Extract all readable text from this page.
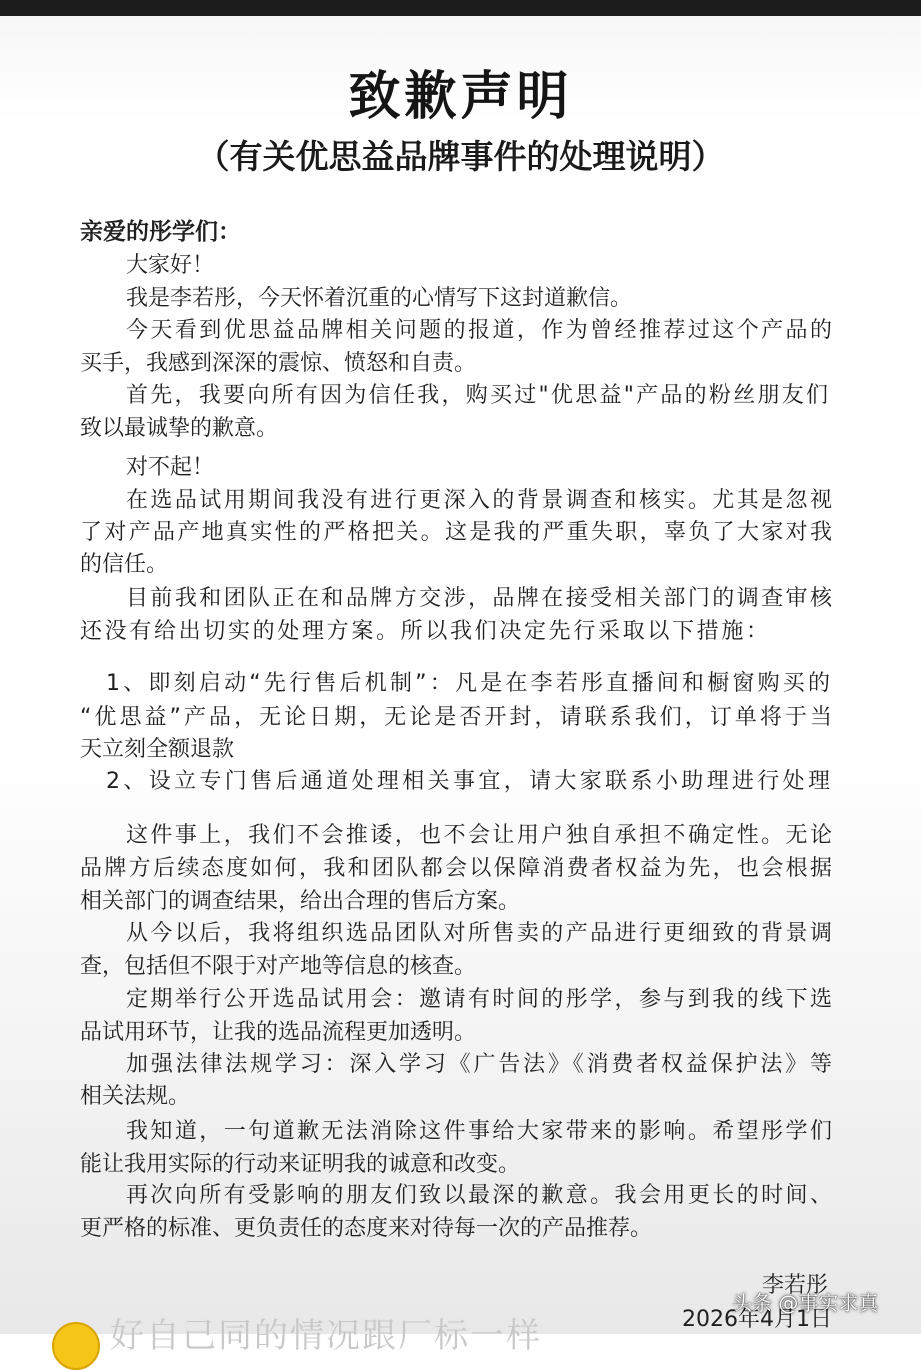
致歉声明
（有关优思益品牌事件的处理说明）
亲爱的彤学们：
大家好！
我是李若彤，今天怀着沉重的心情写下这封道歉信。
今天看到优思益品牌相关问题的报道，作为曾经推荐过这个产品的
买手，我感到深深的震惊、愤怒和自责。
首先，我要向所有因为信任我，购买过"优思益"产品的粉丝朋友们
致以最诚挚的歉意。
对不起！
在选品试用期间我没有进行更深入的背景调查和核实。尤其是忽视
了对产品产地真实性的严格把关。这是我的严重失职，辜负了大家对我
的信任。
目前我和团队正在和品牌方交涉，品牌在接受相关部门的调查审核
还没有给出切实的处理方案。所以我们决定先行采取以下措施：
1、即刻启动“先行售后机制”：凡是在李若彤直播间和橱窗购买的
“优思益”产品，无论日期，无论是否开封，请联系我们，订单将于当
天立刻全额退款
2、设立专门售后通道处理相关事宜，请大家联系小助理进行处理
这件事上，我们不会推诿，也不会让用户独自承担不确定性。无论
品牌方后续态度如何，我和团队都会以保障消费者权益为先，也会根据
相关部门的调查结果，给出合理的售后方案。
从今以后，我将组织选品团队对所售卖的产品进行更细致的背景调
查，包括但不限于对产地等信息的核查。
定期举行公开选品试用会：邀请有时间的彤学，参与到我的线下选
品试用环节，让我的选品流程更加透明。
加强法律法规学习：深入学习《广告法》《消费者权益保护法》等
相关法规。
我知道，一句道歉无法消除这件事给大家带来的影响。希望彤学们
能让我用实际的行动来证明我的诚意和改变。
再次向所有受影响的朋友们致以最深的歉意。我会用更长的时间、
更严格的标准、更负责任的态度来对待每一次的产品推荐。
李若彤
2026年4月1日
头条 @事实求真
好自己同的情况跟厂标一样
